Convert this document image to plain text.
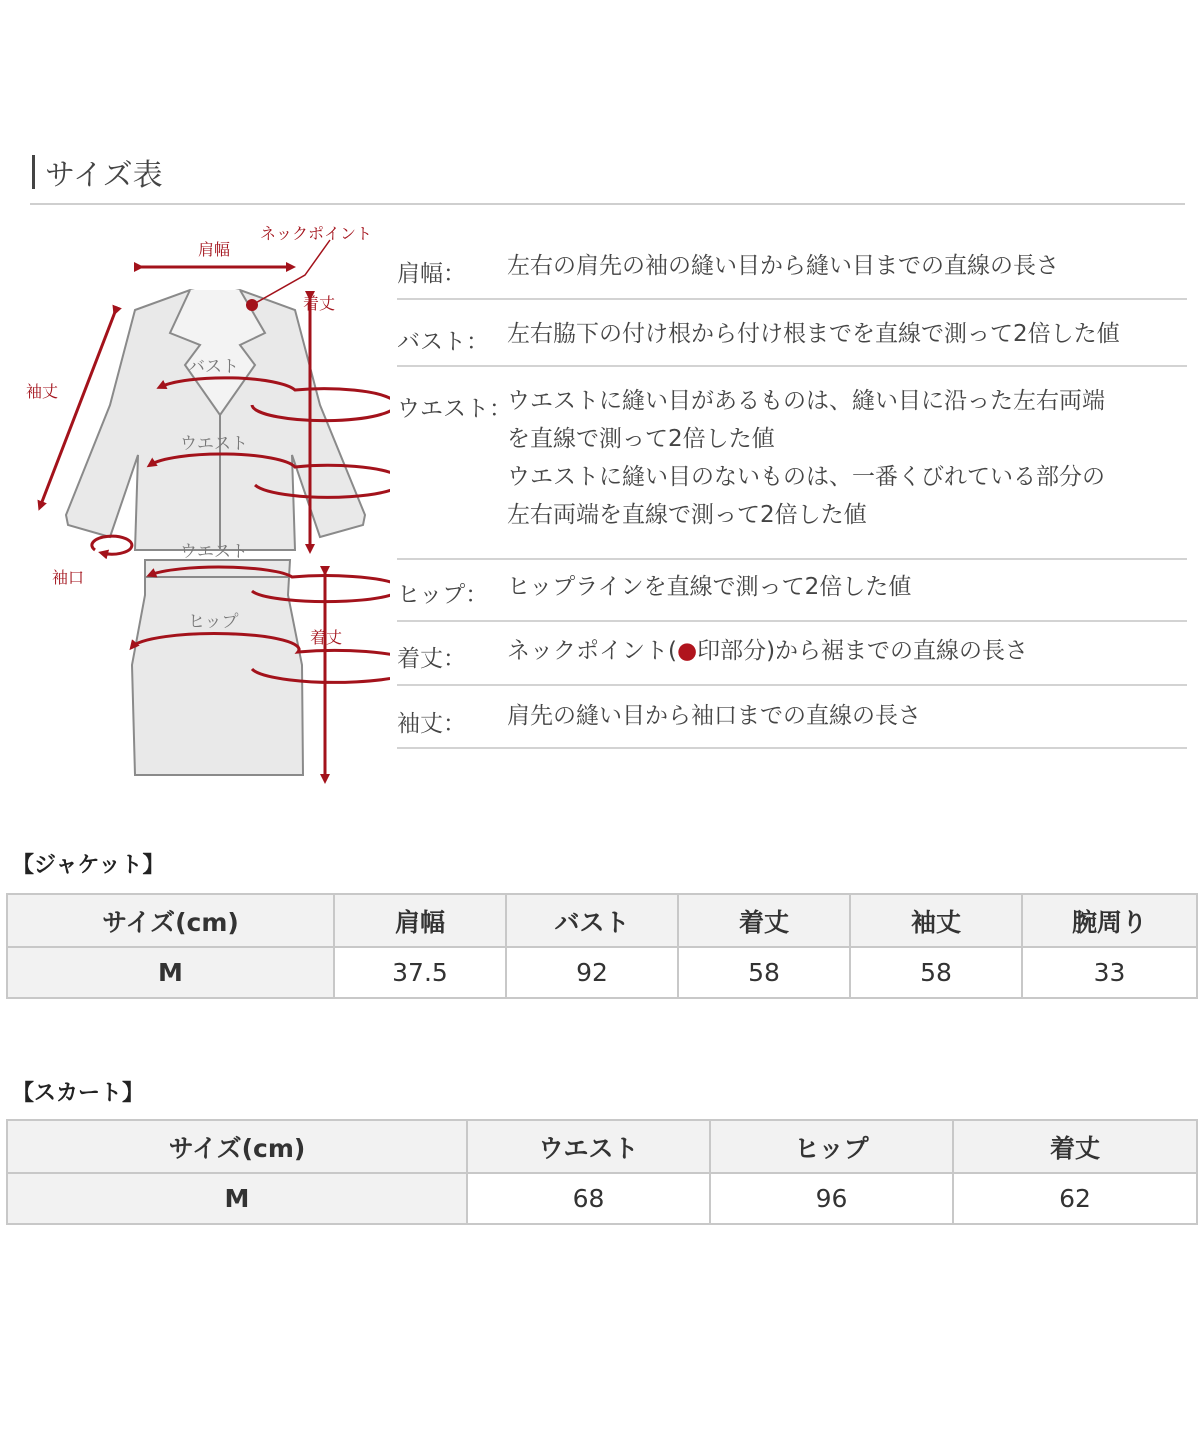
サイズ表
肩幅
ネックポイント
着丈
袖丈
袖口
着丈
バスト
ウエスト
ウエスト
ヒップ
肩幅： 左右の肩先の袖の縫い目から縫い目までの直線の長さ
バスト： 左右脇下の付け根から付け根までを直線で測って2倍した値
ウエスト：
ウエストに縫い目があるものは、縫い目に沿った左右両端
を直線で測って2倍した値
ウエストに縫い目のないものは、一番くびれている部分の
左右両端を直線で測って2倍した値
ヒップ： ヒップラインを直線で測って2倍した値
着丈： ネックポイント(●印部分)から裾までの直線の長さ
袖丈： 肩先の縫い目から袖口までの直線の長さ
【ジャケット】
サイズ(cm)	肩幅	バスト	着丈	袖丈	腕周り
M	37.5	92	58	58	33
【スカート】
サイズ(cm)	ウエスト	ヒップ	着丈
M	68	96	62
